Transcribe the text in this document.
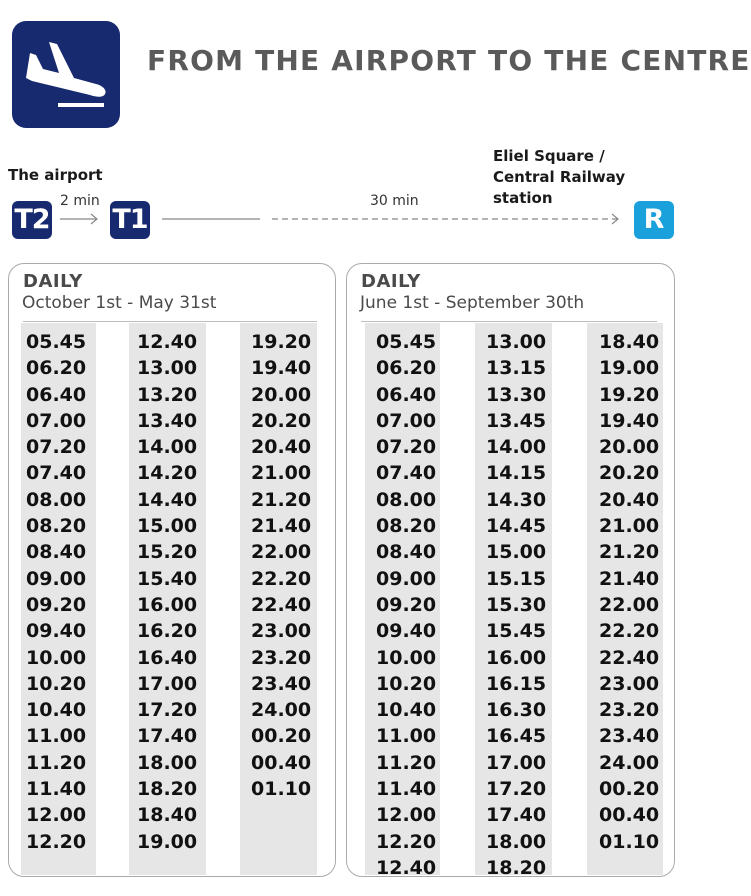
FROM THE AIRPORT TO THE CENTRE
The airport
Eliel Square /
Central Railway station
2 min	30 min
T2 T1	R
DAILY
October 1st - May 31st
05.45
06.20
06.40
07.00
07.20
07.40
08.00
08.20
08.40
09.00
09.20
09.40
10.00
10.20
10.40
11.00
11.20
11.40
12.00
12.20
12.40
13.00
13.20
13.40
14.00
14.20
14.40
15.00
15.20
15.40
16.00
16.20
16.40
17.00
17.20
17.40
18.00
18.20
18.40
19.00
19.20
19.40
20.00
20.20
20.40
21.00
21.20
21.40
22.00
22.20
22.40
23.00
23.20
23.40
24.00
00.20
00.40
01.10
DAILY
June 1st - September 30th
05.45
06.20
06.40
07.00
07.20
07.40
08.00
08.20
08.40
09.00
09.20
09.40
10.00
10.20
10.40
11.00
11.20
11.40
12.00
12.20
12.40
13.00
13.15
13.30
13.45
14.00
14.15
14.30
14.45
15.00
15.15
15.30
15.45
16.00
16.15
16.30
16.45
17.00
17.20
17.40
18.00
18.20
18.40
19.00
19.20
19.40
20.00
20.20
20.40
21.00
21.20
21.40
22.00
22.20
22.40
23.00
23.20
23.40
24.00
00.20
00.40
01.10
